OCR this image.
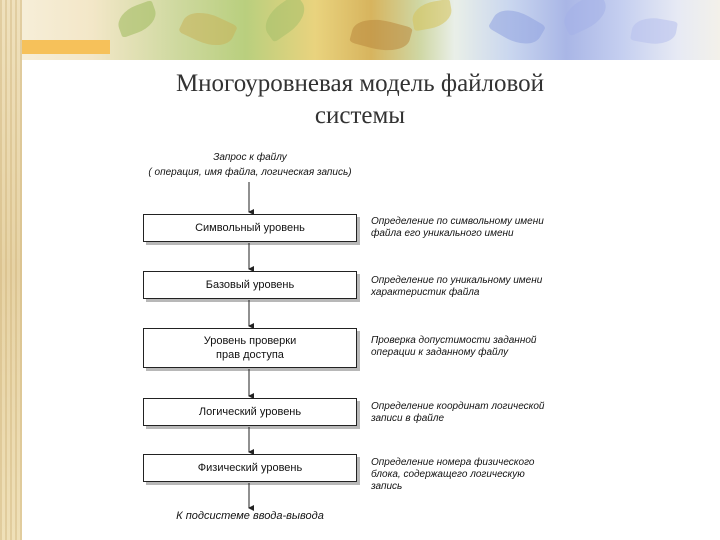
Многоуровневая модель файловой системы
Запрос к файлу
( операция, имя файла, логическая запись)
Символьный уровень
Базовый уровень
Уровень проверки
прав доступа
Логический уровень
Физический уровень
Определение по символьному имени
файла его уникального имени
Определение по уникальному имени
характеристик файла
Проверка допустимости заданной
операции к заданному файлу
Определение координат логической
записи в файле
Определение номера физического
блока, содержащего логическую
запись
К подсистеме ввода-вывода
